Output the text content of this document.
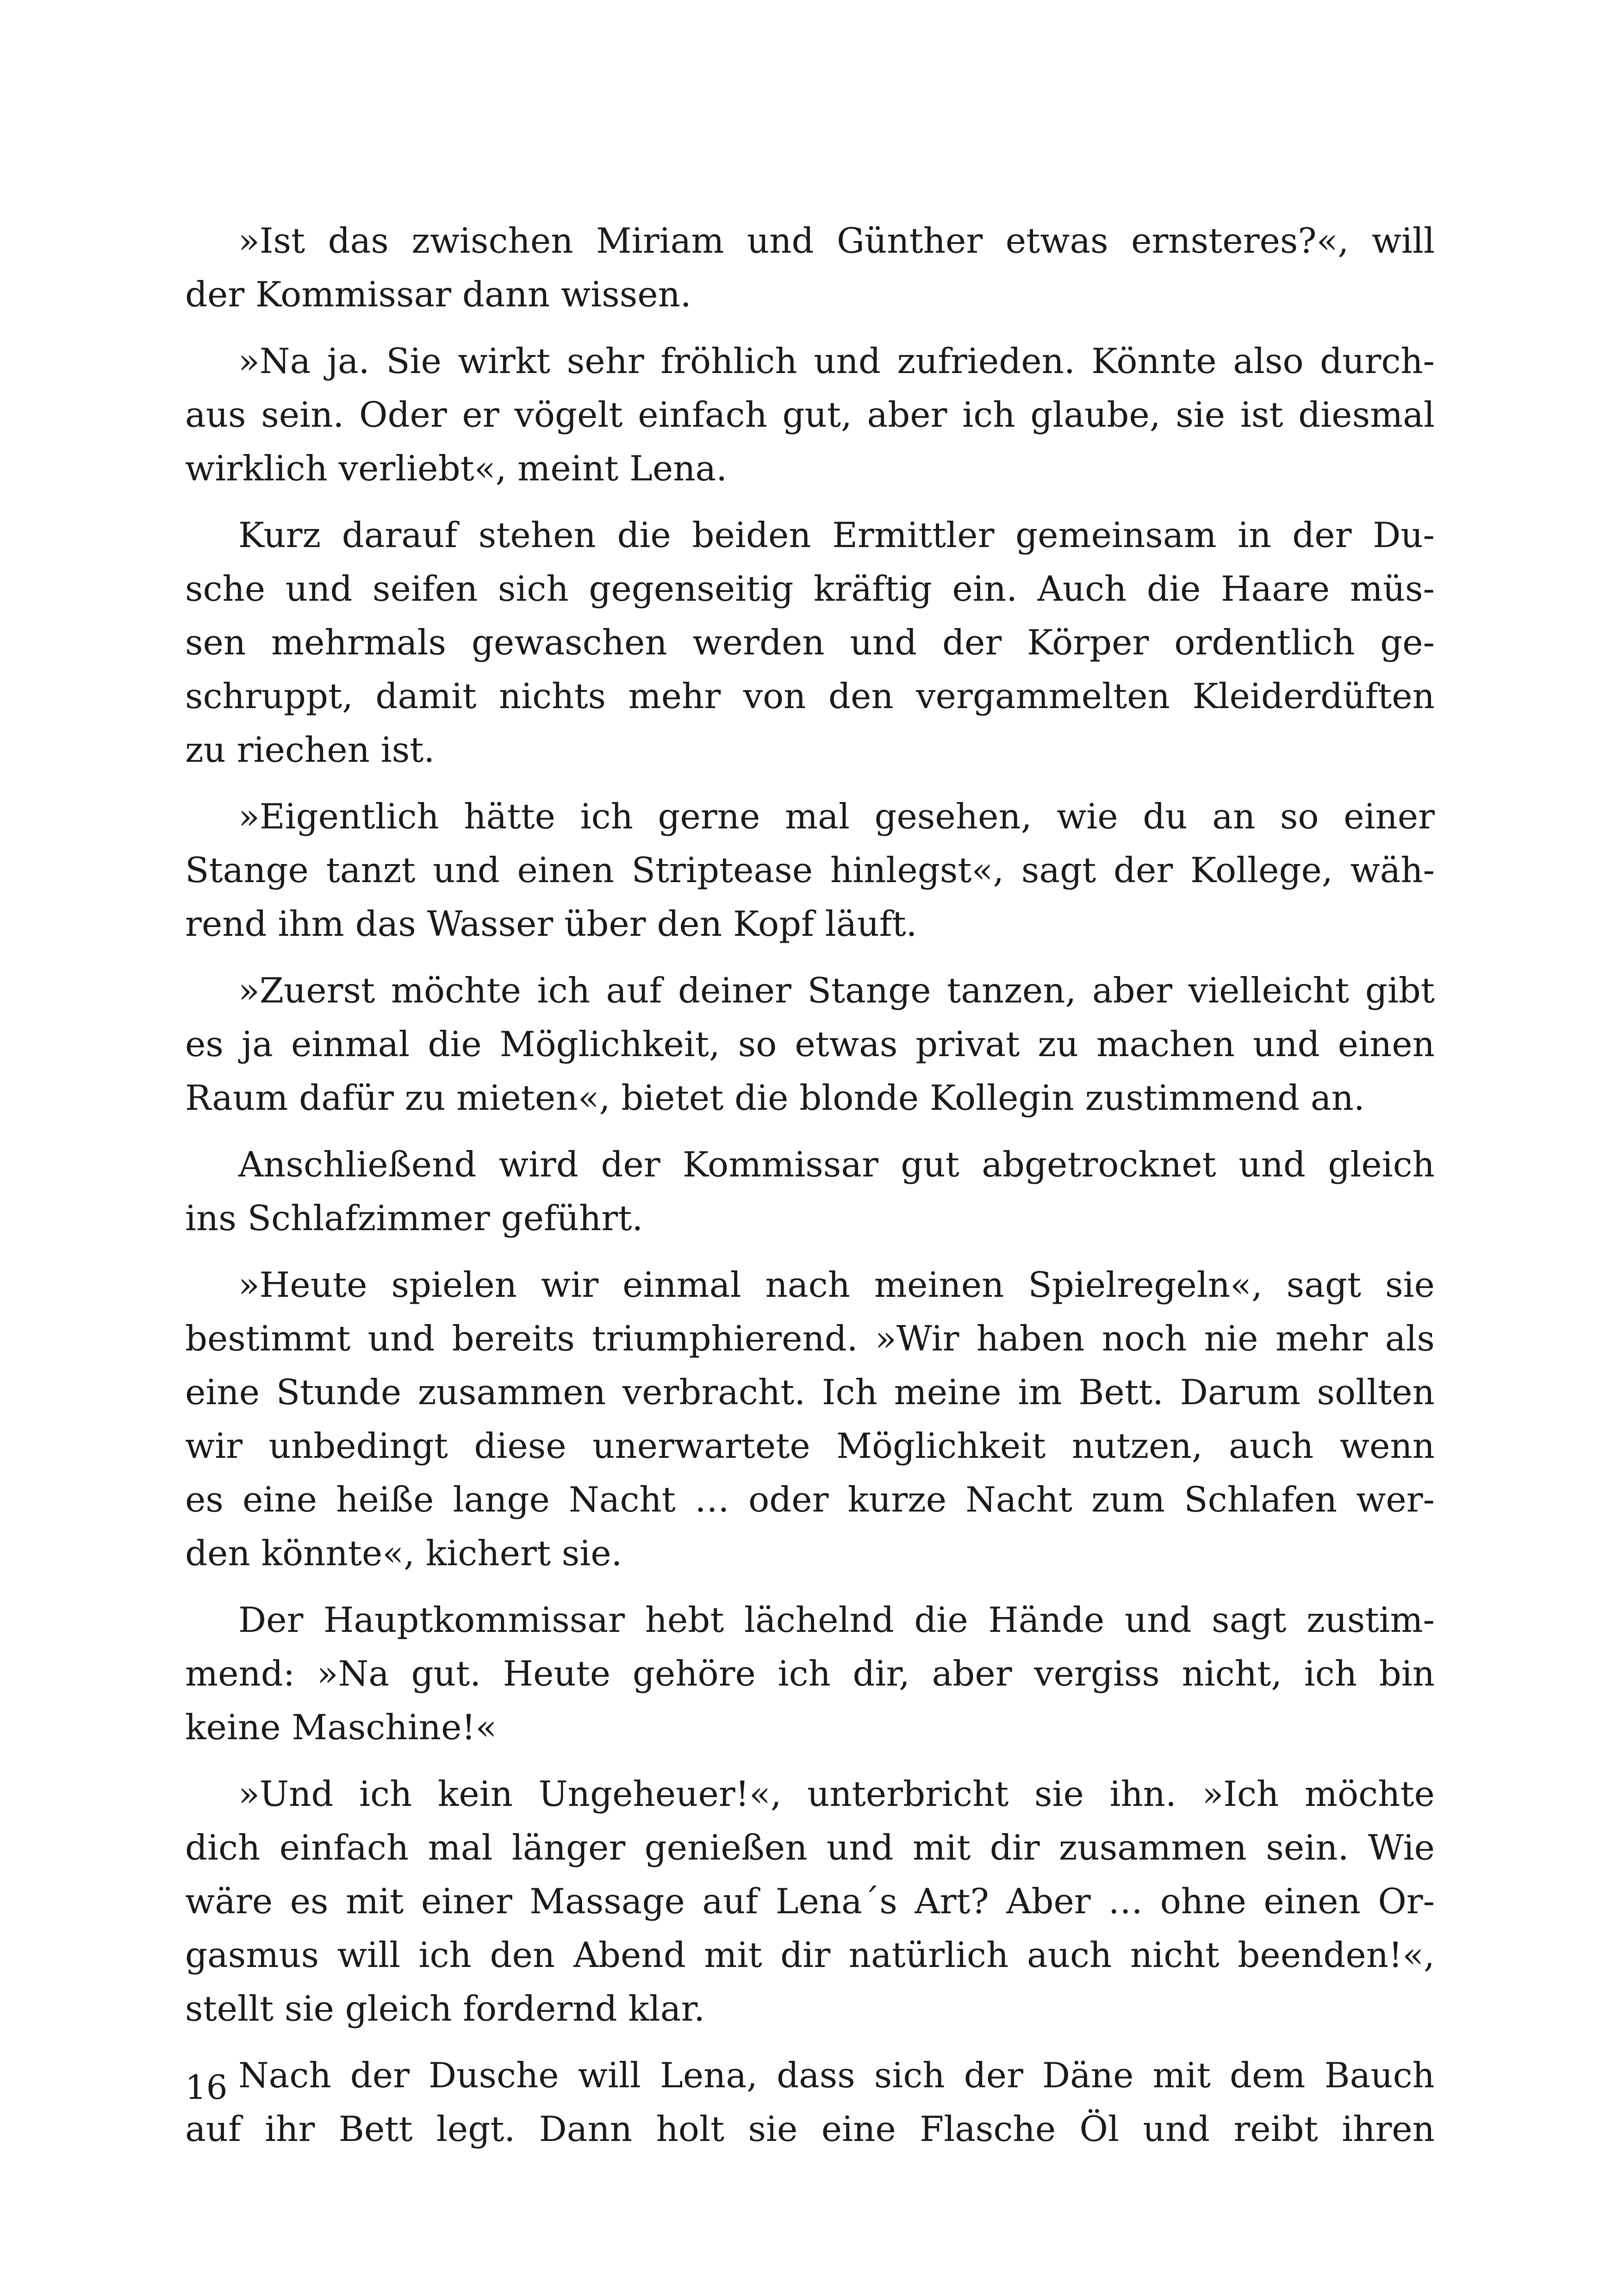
»Ist das zwischen Miriam und Günther etwas ernsteres?«, will
der Kommissar dann wissen.
»Na ja. Sie wirkt sehr fröhlich und zufrieden. Könnte also durch-
aus sein. Oder er vögelt einfach gut, aber ich glaube, sie ist diesmal
wirklich verliebt«, meint Lena.
Kurz darauf stehen die beiden Ermittler gemeinsam in der Du-
sche und seifen sich gegenseitig kräftig ein. Auch die Haare müs-
sen mehrmals gewaschen werden und der Körper ordentlich ge-
schruppt, damit nichts mehr von den vergammelten Kleiderdüften
zu riechen ist.
»Eigentlich hätte ich gerne mal gesehen, wie du an so einer
Stange tanzt und einen Striptease hinlegst«, sagt der Kollege, wäh-
rend ihm das Wasser über den Kopf läuft.
»Zuerst möchte ich auf deiner Stange tanzen, aber vielleicht gibt
es ja einmal die Möglichkeit, so etwas privat zu machen und einen
Raum dafür zu mieten«, bietet die blonde Kollegin zustimmend an.
Anschließend wird der Kommissar gut abgetrocknet und gleich
ins Schlafzimmer geführt.
»Heute spielen wir einmal nach meinen Spielregeln«, sagt sie
bestimmt und bereits triumphierend. »Wir haben noch nie mehr als
eine Stunde zusammen verbracht. Ich meine im Bett. Darum sollten
wir unbedingt diese unerwartete Möglichkeit nutzen, auch wenn
es eine heiße lange Nacht … oder kurze Nacht zum Schlafen wer-
den könnte«, kichert sie.
Der Hauptkommissar hebt lächelnd die Hände und sagt zustim-
mend: »Na gut. Heute gehöre ich dir, aber vergiss nicht, ich bin
keine Maschine!«
»Und ich kein Ungeheuer!«, unterbricht sie ihn. »Ich möchte
dich einfach mal länger genießen und mit dir zusammen sein. Wie
wäre es mit einer Massage auf Lena´s Art? Aber … ohne einen Or-
gasmus will ich den Abend mit dir natürlich auch nicht beenden!«,
stellt sie gleich fordernd klar.
Nach der Dusche will Lena, dass sich der Däne mit dem Bauch
auf ihr Bett legt. Dann holt sie eine Flasche Öl und reibt ihren
16
